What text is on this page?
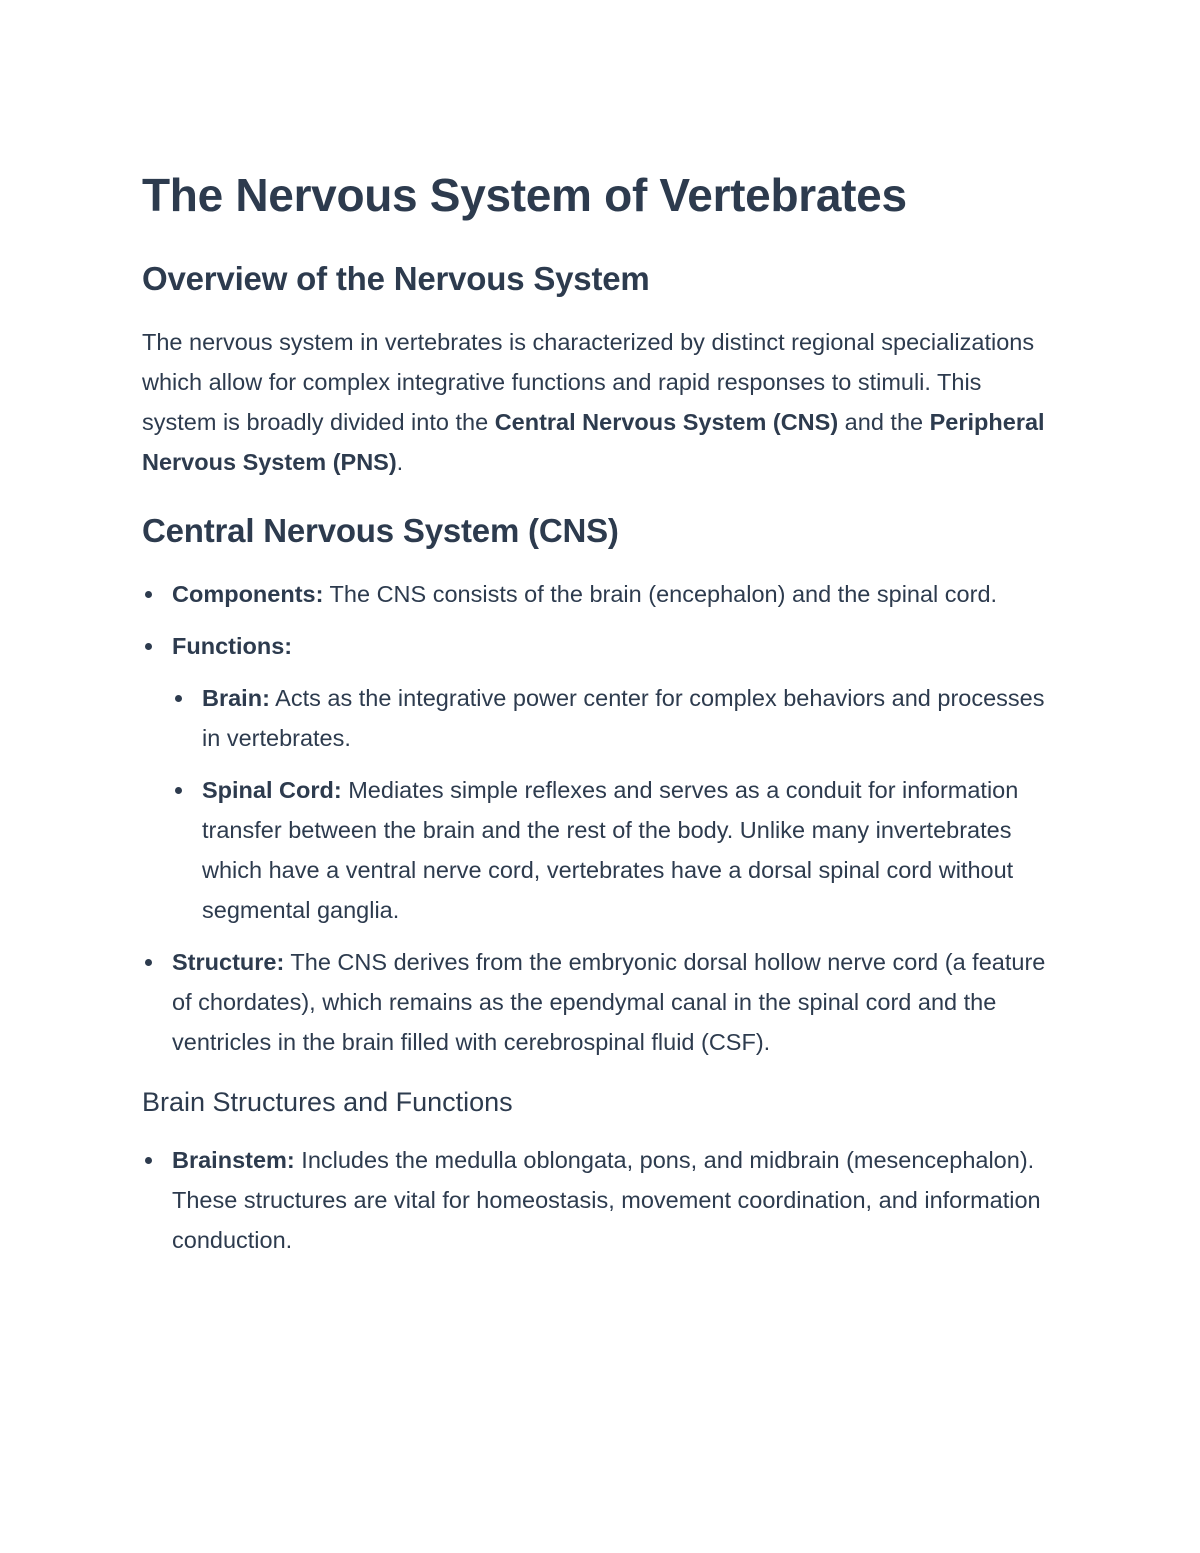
The Nervous System of Vertebrates
Overview of the Nervous System

The nervous system in vertebrates is characterized by distinct regional specializations which allow for complex integrative functions and rapid responses to stimuli. This system is broadly divided into the Central Nervous System (CNS) and the Peripheral Nervous System (PNS).

Central Nervous System (CNS)
Components: The CNS consists of the brain (encephalon) and the spinal cord.
Functions:
Brain: Acts as the integrative power center for complex behaviors and processes in vertebrates.
Spinal Cord: Mediates simple reflexes and serves as a conduit for information transfer between the brain and the rest of the body. Unlike many invertebrates which have a ventral nerve cord, vertebrates have a dorsal spinal cord without segmental ganglia.
Structure: The CNS derives from the embryonic dorsal hollow nerve cord (a feature of chordates), which remains as the ependymal canal in the spinal cord and the ventricles in the brain filled with cerebrospinal fluid (CSF).
Brain Structures and Functions
Brainstem: Includes the medulla oblongata, pons, and midbrain (mesencephalon). These structures are vital for homeostasis, movement coordination, and information conduction.
